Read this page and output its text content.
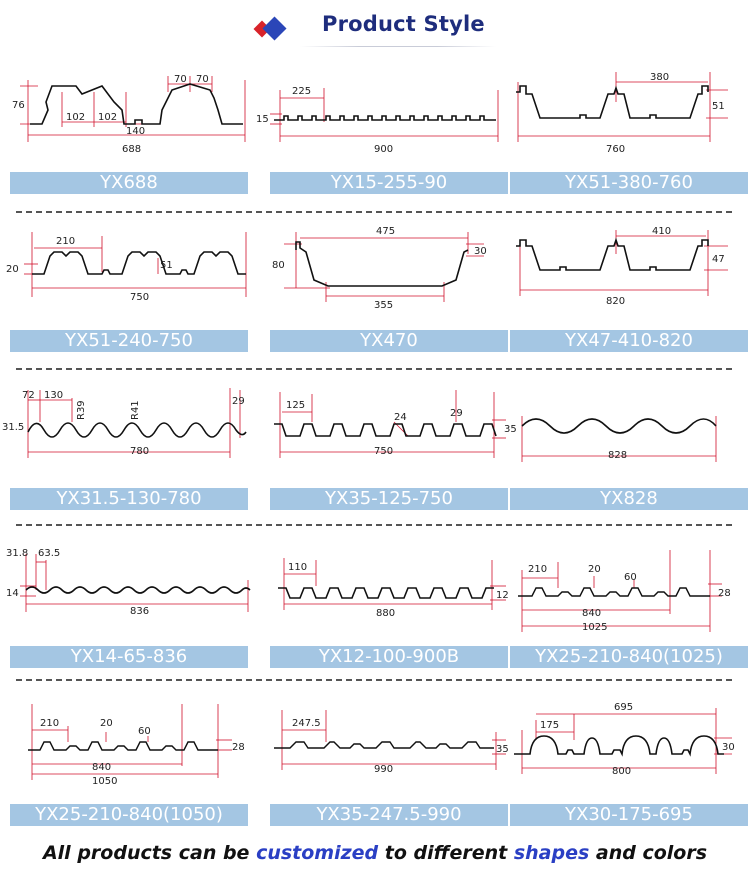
Product Style
76
102 102
70 70
140
688
YX688
225
15
900
YX15-255-90
380
51
760
YX51-380-760
210
20	51
750
YX51-240-750
475
80
30
355
YX470
410
47
820
YX47-410-820
72 130
R39	R41	29
31.5
780
YX31.5-130-780
125
24	29
35
750
YX35-125-750
828
YX828
31.8 63.5
14
836
YX14-65-836
110
12
880
YX12-100-900B
210	20
60
28
840
1025
YX25-210-840(1025)
210	20
60
28
840
1050
YX25-210-840(1050)
247.5
35
990
YX35-247.5-990
695
175
30
800
YX30-175-695
All products can be customized to different shapes and colors
